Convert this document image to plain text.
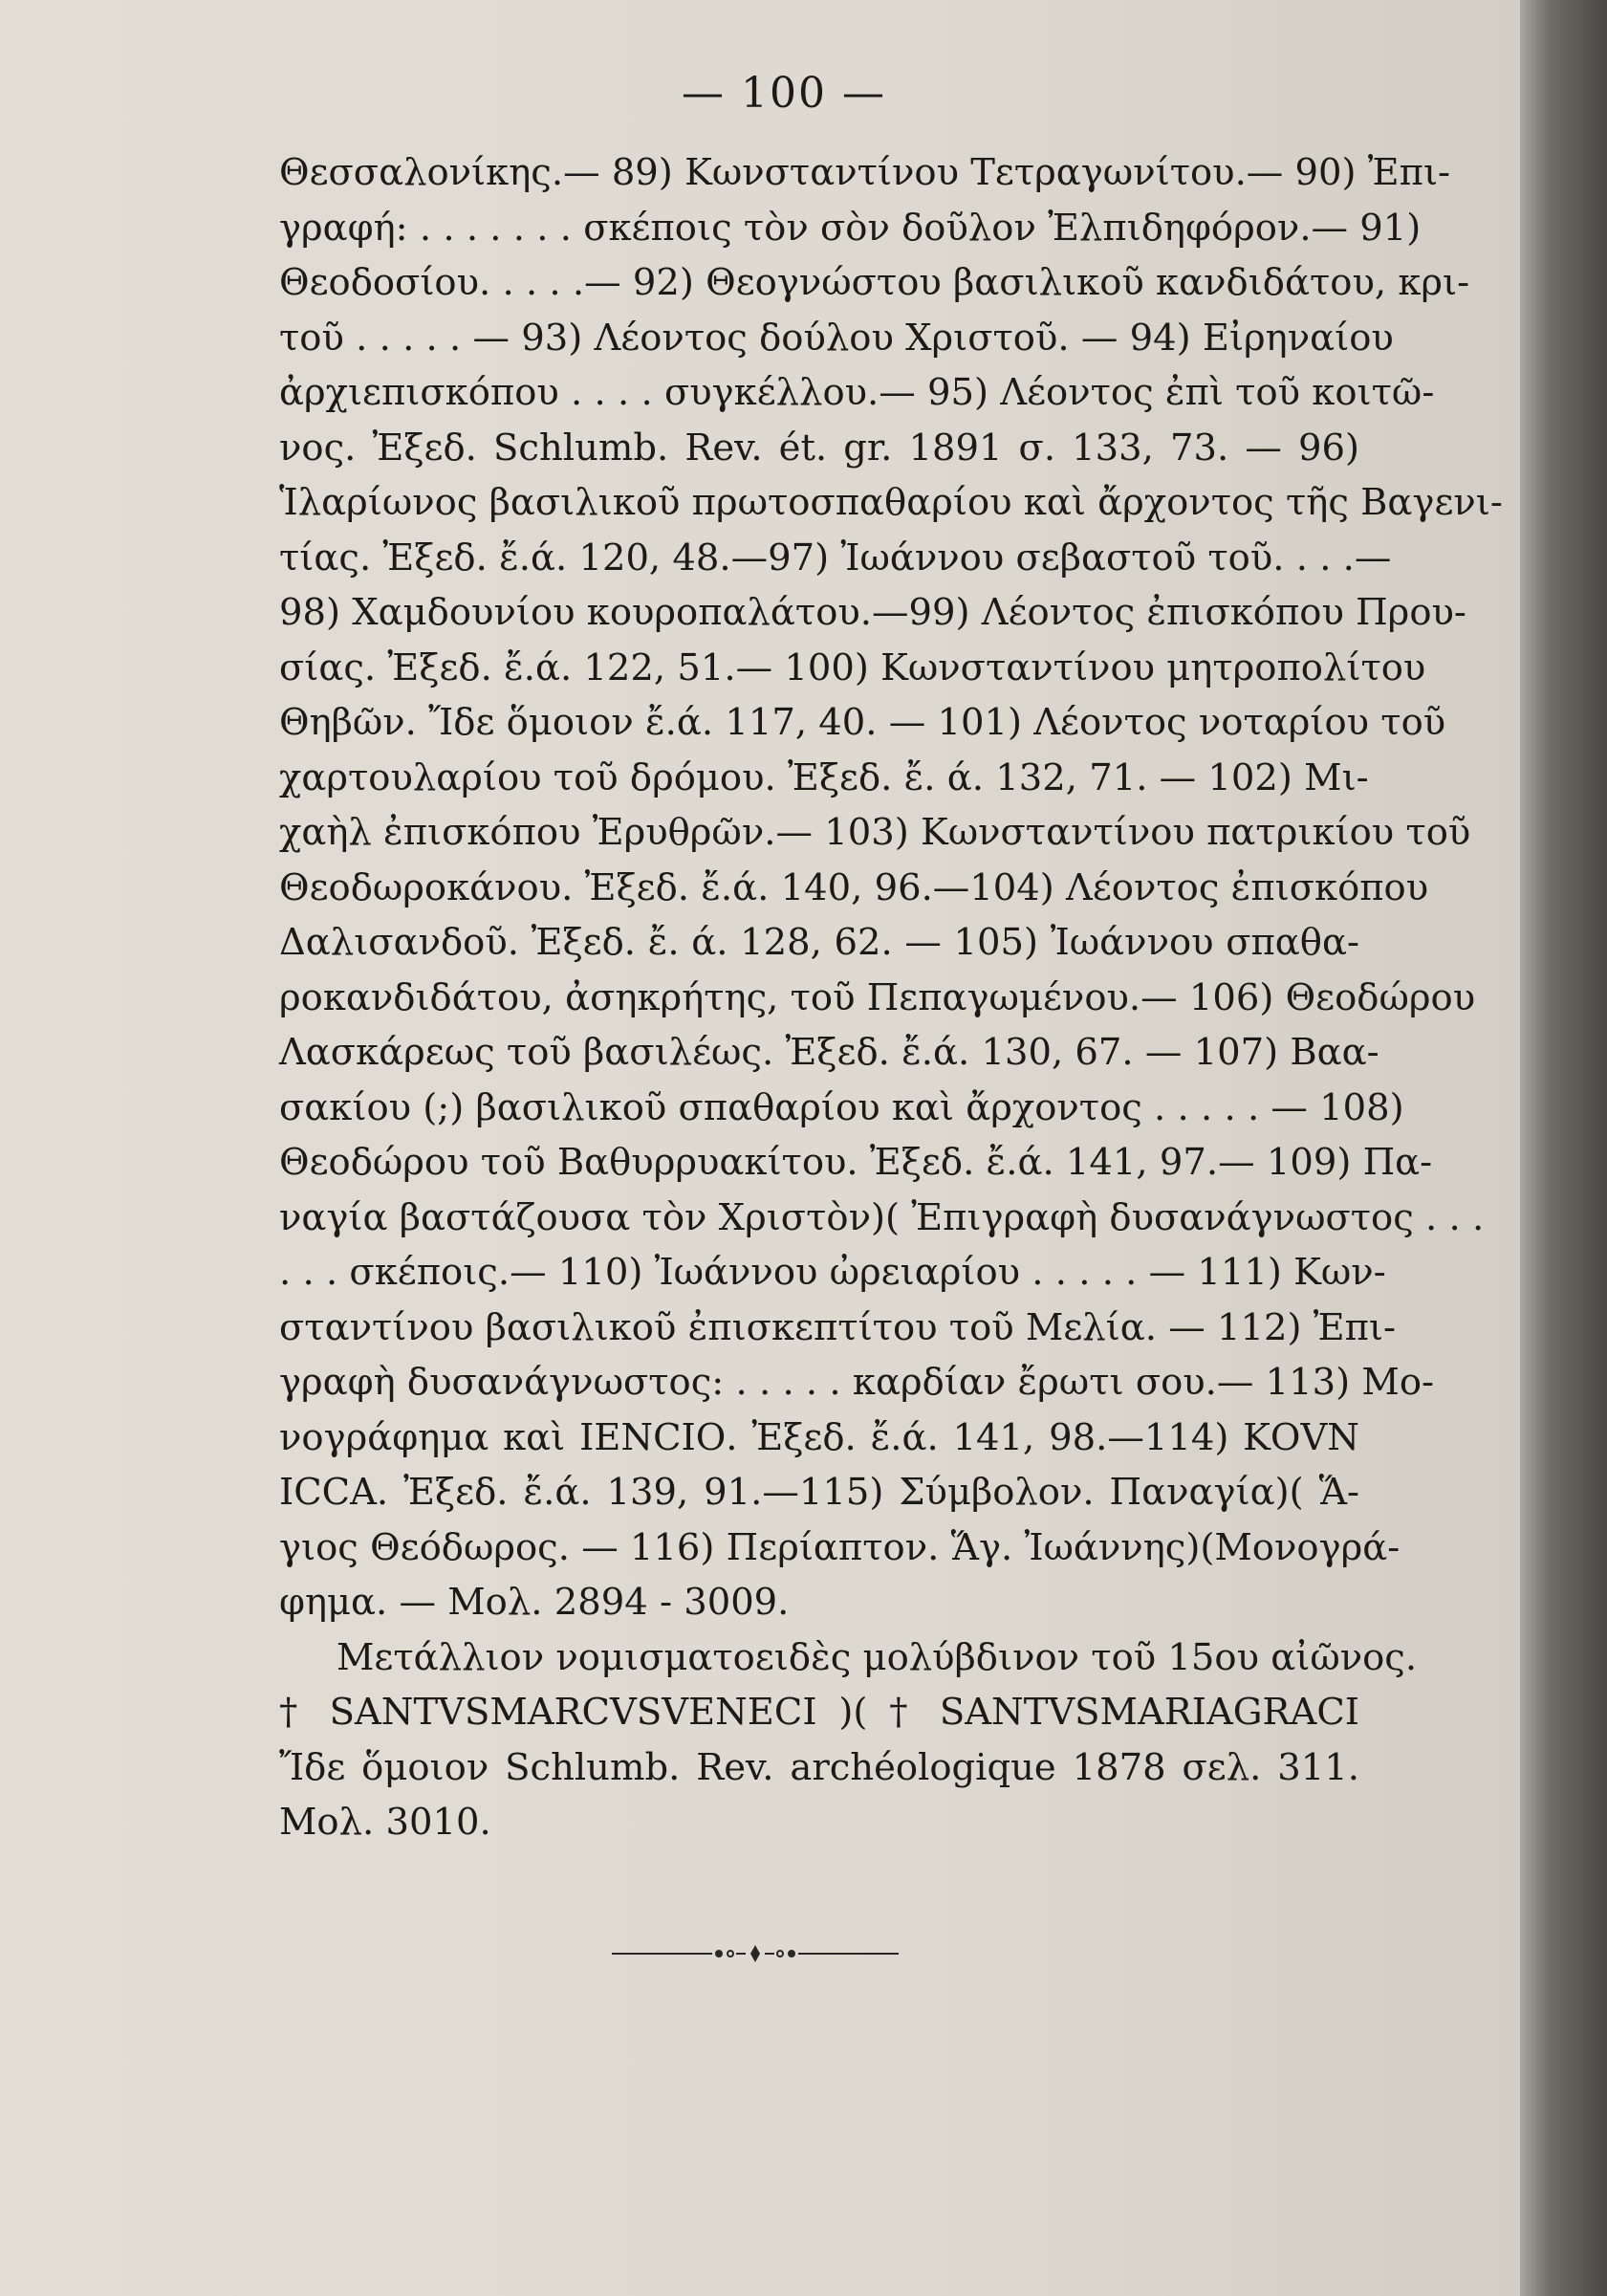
— 100 —
Θεσσαλονίκης.— 89) Κωνσταντίνου Τετραγωνίτου.— 90) Ἐπι-
γραφή: . . . . . . . σκέποις τὸν σὸν δοῦλον Ἐλπιδηφόρον.— 91)
Θεοδοσίου. . . . .— 92) Θεογνώστου βασιλικοῦ κανδιδάτου, κρι-
τοῦ . . . . . — 93) Λέοντος δούλου Χριστοῦ. — 94) Εἰρηναίου
ἀρχιεπισκόπου . . . . συγκέλλου.— 95) Λέοντος ἐπὶ τοῦ κοιτῶ-
νος. Ἐξεδ. Schlumb. Rev. ét. gr. 1891 σ. 133, 73. — 96)
Ἱλαρίωνος βασιλικοῦ πρωτοσπαθαρίου καὶ ἄρχοντος τῆς Βαγενι-
τίας. Ἐξεδ. ἔ.ά. 120, 48.—97) Ἰωάννου σεβαστοῦ τοῦ. . . .—
98) Χαμδουνίου κουροπαλάτου.—99) Λέοντος ἐπισκόπου Πρου-
σίας. Ἐξεδ. ἔ.ά. 122, 51.— 100) Κωνσταντίνου μητροπολίτου
Θηβῶν. Ἴδε ὅμοιον ἔ.ά. 117, 40. — 101) Λέοντος νοταρίου τοῦ
χαρτουλαρίου τοῦ δρόμου. Ἐξεδ. ἔ. ά. 132, 71. — 102) Μι-
χαὴλ ἐπισκόπου Ἐρυθρῶν.— 103) Κωνσταντίνου πατρικίου τοῦ
Θεοδωροκάνου. Ἐξεδ. ἔ.ά. 140, 96.—104) Λέοντος ἐπισκόπου
Δαλισανδοῦ. Ἐξεδ. ἔ. ά. 128, 62. — 105) Ἰωάννου σπαθα-
ροκανδιδάτου, ἀσηκρήτης, τοῦ Πεπαγωμένου.— 106) Θεοδώρου
Λασκάρεως τοῦ βασιλέως. Ἐξεδ. ἔ.ά. 130, 67. — 107) Βαα-
σακίου (;) βασιλικοῦ σπαθαρίου καὶ ἄρχοντος . . . . . — 108)
Θεοδώρου τοῦ Βαθυρρυακίτου. Ἐξεδ. ἔ.ά. 141, 97.— 109) Πα-
ναγία βαστάζουσα τὸν Χριστὸν)( Ἐπιγραφὴ δυσανάγνωστος . . .
. . . σκέποις.— 110) Ἰωάννου ὠρειαρίου . . . . . — 111) Κων-
σταντίνου βασιλικοῦ ἐπισκεπτίτου τοῦ Μελία. — 112) Ἐπι-
γραφὴ δυσανάγνωστος: . . . . . καρδίαν ἔρωτι σου.— 113) Μο-
νογράφημα καὶ ΙΕΝCΙΟ. Ἐξεδ. ἔ.ά. 141, 98.—114) ΚΟVΝ
ΙCCΑ. Ἐξεδ. ἔ.ά. 139, 91.—115) Σύμβολον. Παναγία)( Ἅ-
γιος Θεόδωρος. — 116) Περίαπτον. Ἅγ. Ἰωάννης)(Μονογρά-
φημα. — Μολ. 2894 - 3009.
Μετάλλιον νομισματοειδὲς μολύβδινον τοῦ 15ου αἰῶνος.
† SANTVSMARCVSVENECI )( † SANTVSMARIAGRACI
Ἴδε ὅμοιον Schlumb. Rev. archéologique 1878 σελ. 311.
Μολ. 3010.
